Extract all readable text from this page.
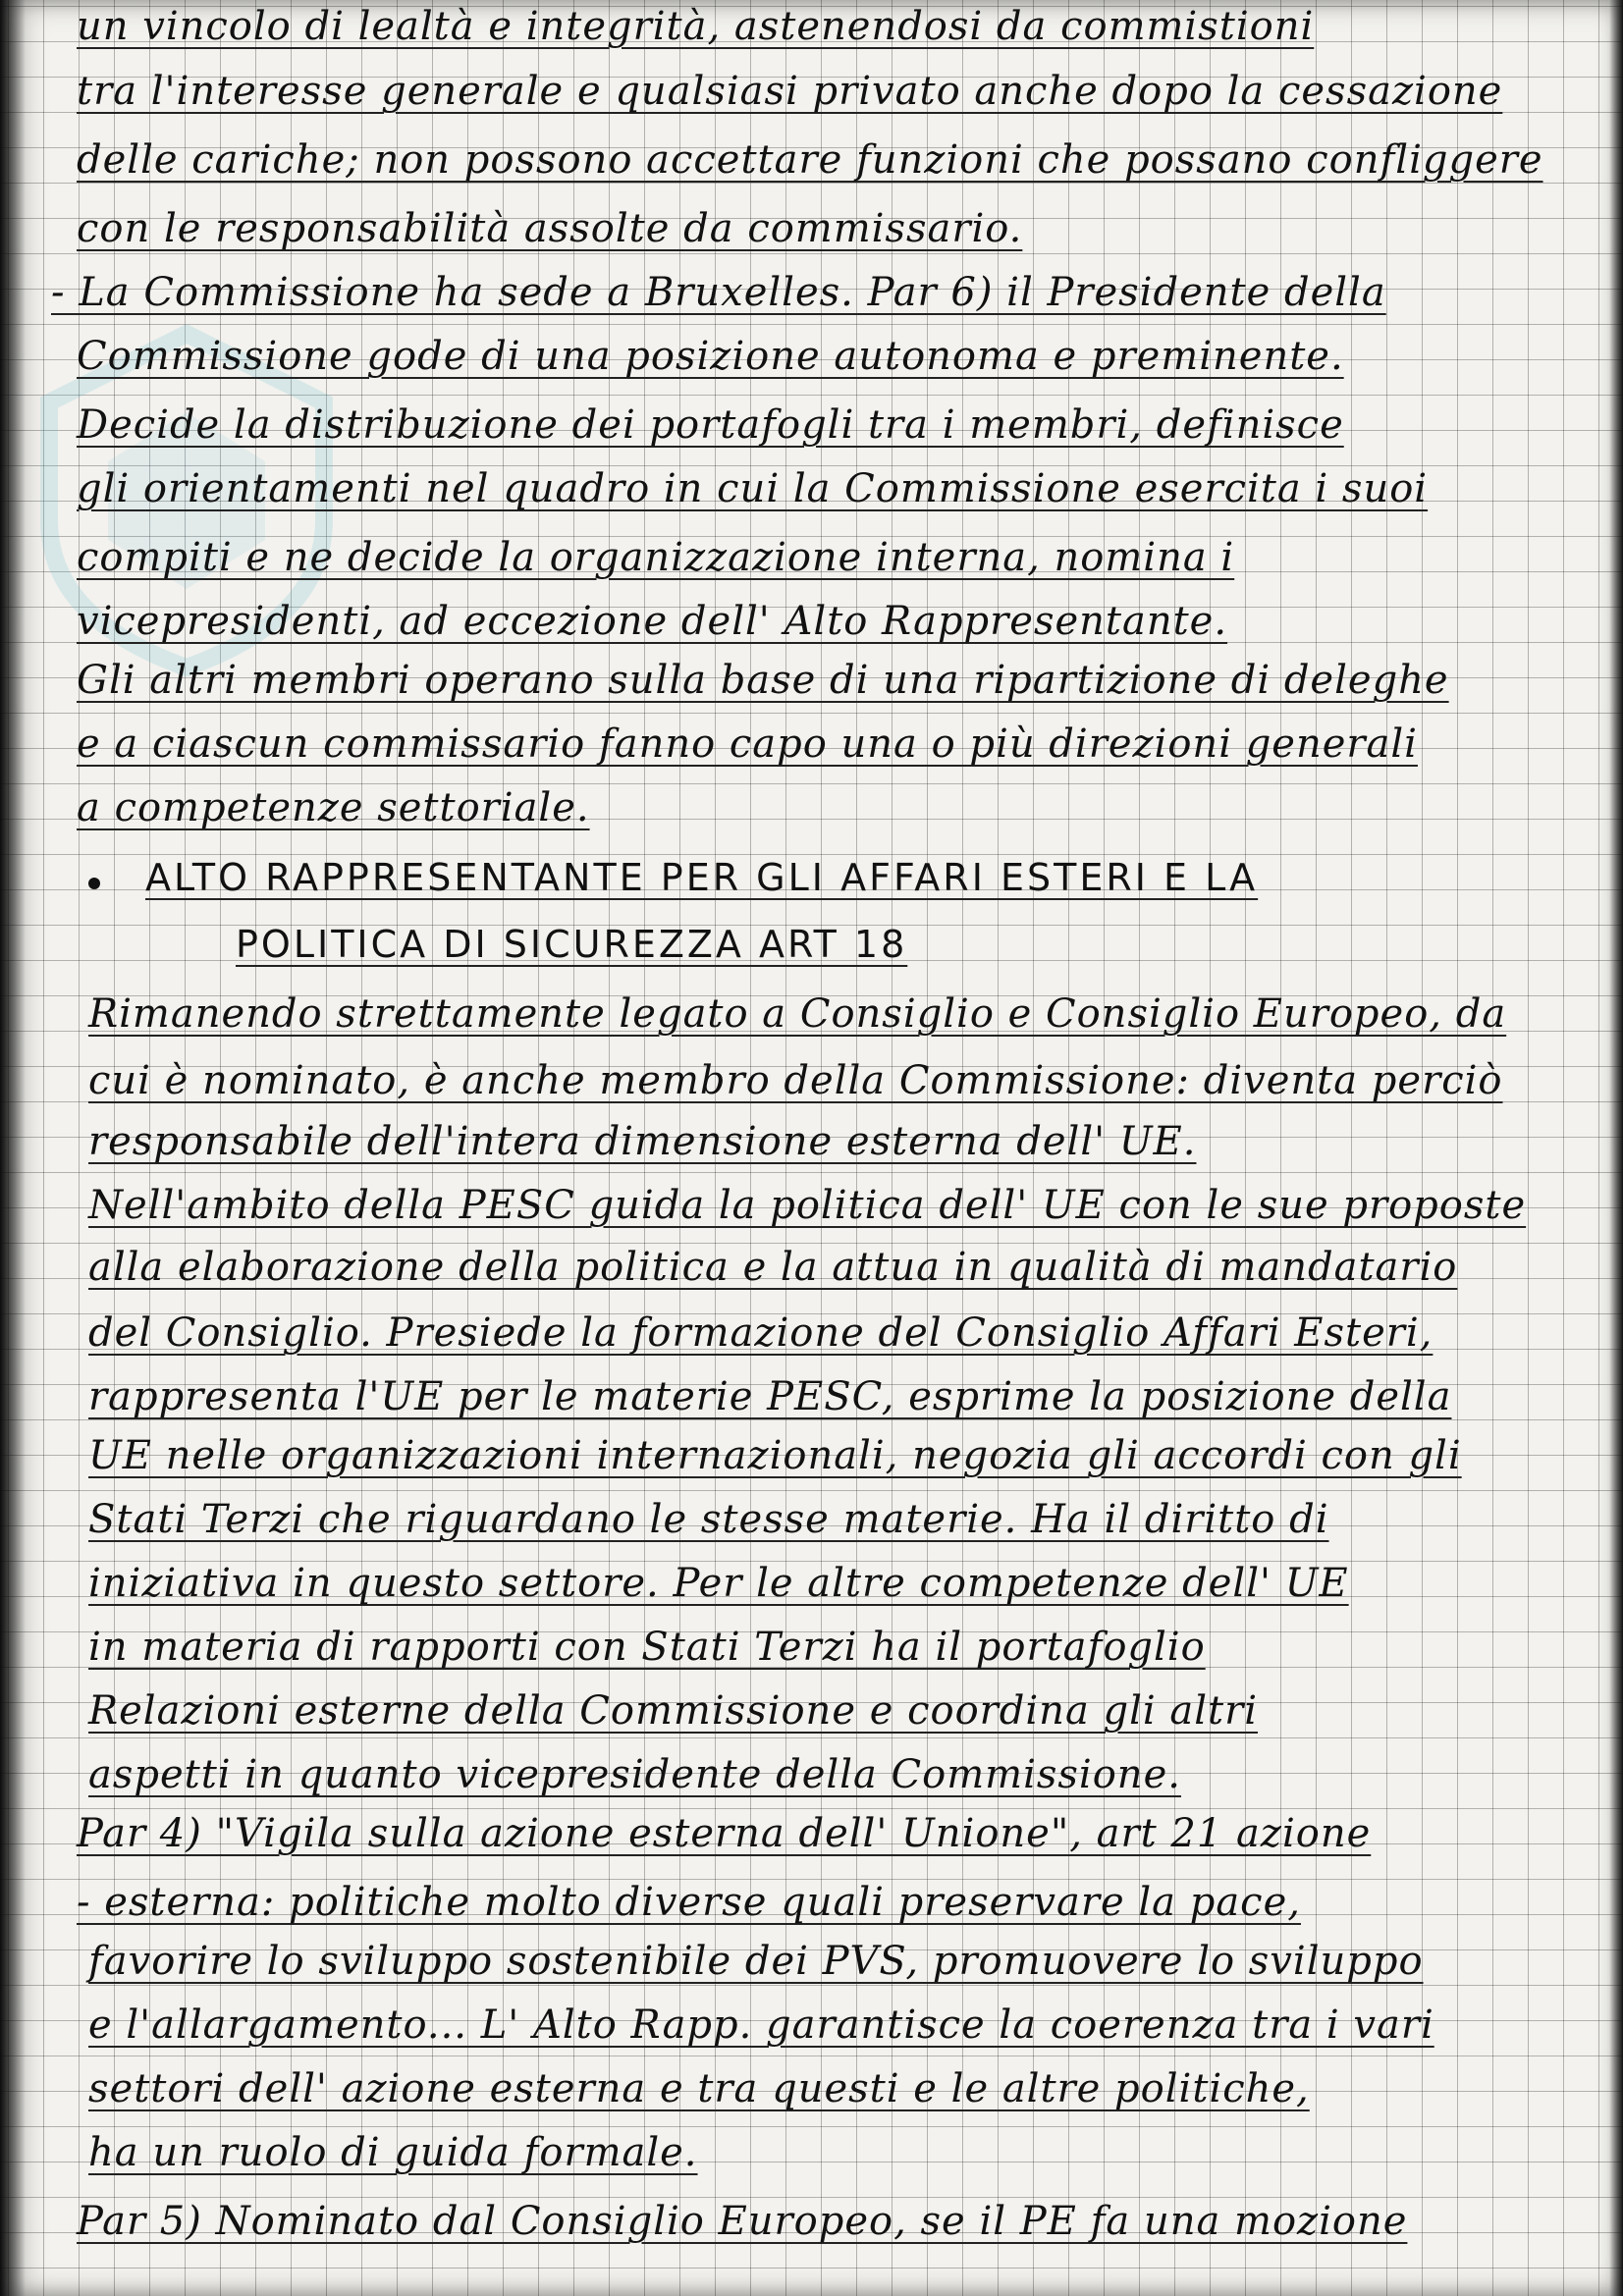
un vincolo di lealtà e integrità, astenendosi da commistioni
tra l'interesse generale e qualsiasi privato anche dopo la cessazione
delle cariche; non possono accettare funzioni che possano confliggere
con le responsabilità assolte da commissario.
- La Commissione ha sede a Bruxelles. Par 6) il Presidente della
Commissione gode di una posizione autonoma e preminente.
Decide la distribuzione dei portafogli tra i membri, definisce
gli orientamenti nel quadro in cui la Commissione esercita i suoi
compiti e ne decide la organizzazione interna, nomina i
vicepresidenti, ad eccezione dell' Alto Rappresentante.
Gli altri membri operano sulla base di una ripartizione di deleghe
e a ciascun commissario fanno capo una o più direzioni generali
a competenze settoriale.
ALTO RAPPRESENTANTE PER GLI AFFARI ESTERI E LA
POLITICA DI SICUREZZA ART 18
Rimanendo strettamente legato a Consiglio e Consiglio Europeo, da
cui è nominato, è anche membro della Commissione: diventa perciò
responsabile dell'intera dimensione esterna dell' UE.
Nell'ambito della PESC guida la politica dell' UE con le sue proposte
alla elaborazione della politica e la attua in qualità di mandatario
del Consiglio. Presiede la formazione del Consiglio Affari Esteri,
rappresenta l'UE per le materie PESC, esprime la posizione della
UE nelle organizzazioni internazionali, negozia gli accordi con gli
Stati Terzi che riguardano le stesse materie. Ha il diritto di
iniziativa in questo settore. Per le altre competenze dell' UE
in materia di rapporti con Stati Terzi ha il portafoglio
Relazioni esterne della Commissione e coordina gli altri
aspetti in quanto vicepresidente della Commissione.
Par 4) "Vigila sulla azione esterna dell' Unione", art 21 azione
- esterna: politiche molto diverse quali preservare la pace,
favorire lo sviluppo sostenibile dei PVS, promuovere lo sviluppo
e l'allargamento... L' Alto Rapp. garantisce la coerenza tra i vari
settori dell' azione esterna e tra questi e le altre politiche,
ha un ruolo di guida formale.
Par 5) Nominato dal Consiglio Europeo, se il PE fa una mozione
